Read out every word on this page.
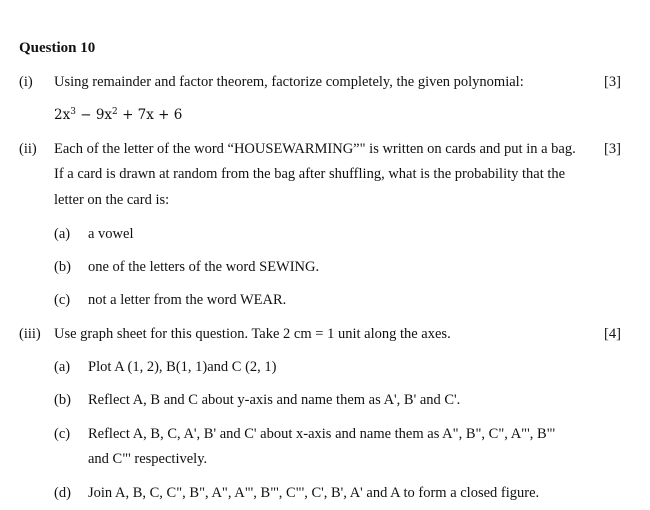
Question 10
(i) Using remainder and factor theorem, factorize completely, the given polynomial:	[3]
$2x^3 - 9x^2 + 7x + 6$
(ii) Each of the letter of the word “HOUSEWARMING”" is written on cards and put in a bag. [3]
If a card is drawn at random from the bag after shuffling, what is the probability that the
letter on the card is:
(a) a vowel
(b) one of the letters of the word SEWING.
(c) not a letter from the word WEAR.
(iii) Use graph sheet for this question. Take 2 cm = 1 unit along the axes.	[4]
(a) Plot A (1, 2), B(1, 1)and C (2, 1)
(b) Reflect A, B and C about y-axis and name them as A', B' and C'.
(c) Reflect A, B, C, A', B' and C' about x-axis and name them as A", B", C", A"', B"'
and C"' respectively.
(d) Join A, B, C, C", B", A", A"', B"', C"', C', B', A' and A to form a closed figure.
